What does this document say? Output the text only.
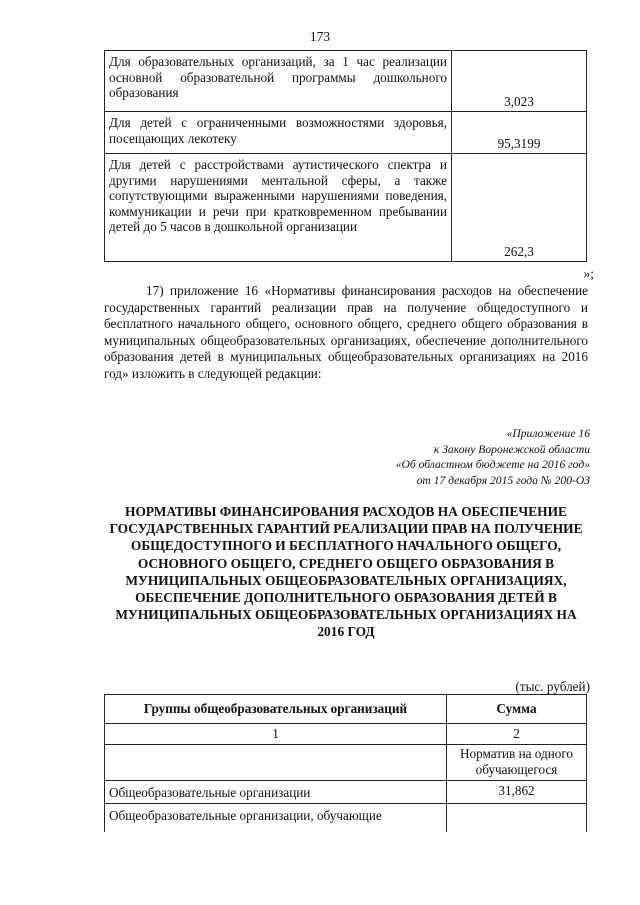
173
Для образовательных организаций, за 1 час реализации основной образовательной программы дошкольного образования	3,023
Для детей с ограниченными возможностями здоровья, посещающих лекотеку	95,3199
Для детей с расстройствами аутистического спектра и другими нарушениями ментальной сферы, а также сопутствующими выраженными нарушениями поведения, коммуникации и речи при кратковременном пребывании детей до 5 часов в дошкольной организации	262,3
»;
17) приложение 16 «Нормативы финансирования расходов на обеспечение государственных гарантий реализации прав на получение общедоступного и бесплатного начального общего, основного общего, среднего общего образования в муниципальных общеобразовательных организациях, обеспечение дополнительного образования детей в муниципальных общеобразовательных организациях на 2016 год» изложить в следующей редакции:
«Приложение 16
к Закону Воронежской области
«Об областном бюджете на 2016 год»
от 17 декабря 2015 года № 200-ОЗ
НОРМАТИВЫ ФИНАНСИРОВАНИЯ РАСХОДОВ НА ОБЕСПЕЧЕНИЕ ГОСУДАРСТВЕННЫХ ГАРАНТИЙ РЕАЛИЗАЦИИ ПРАВ НА ПОЛУЧЕНИЕ ОБЩЕДОСТУПНОГО И БЕСПЛАТНОГО НАЧАЛЬНОГО ОБЩЕГО, ОСНОВНОГО ОБЩЕГО, СРЕДНЕГО ОБЩЕГО ОБРАЗОВАНИЯ В МУНИЦИПАЛЬНЫХ ОБЩЕОБРАЗОВАТЕЛЬНЫХ ОРГАНИЗАЦИЯХ, ОБЕСПЕЧЕНИЕ ДОПОЛНИТЕЛЬНОГО ОБРАЗОВАНИЯ ДЕТЕЙ В МУНИЦИПАЛЬНЫХ ОБЩЕОБРАЗОВАТЕЛЬНЫХ ОРГАНИЗАЦИЯХ НА 2016 ГОД
(тыс. рублей)
Группы общеобразовательных организаций	Сумма
1	2
	Норматив на одного обучающегося
Общеобразовательные организации	31,862
Общеобразовательные организации, обучающие	
